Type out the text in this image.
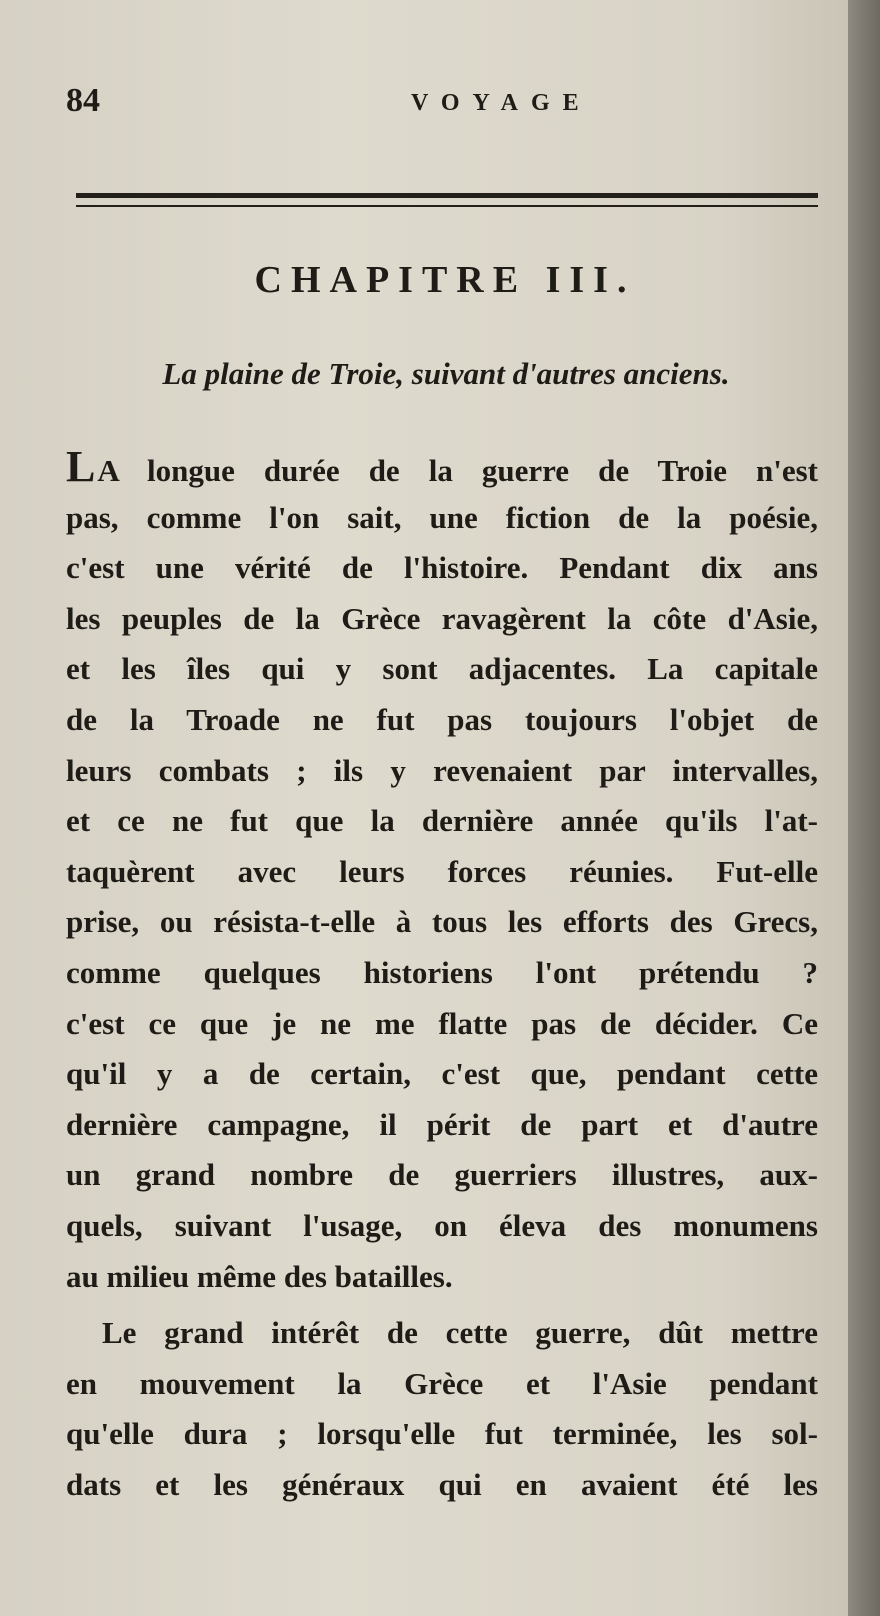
84	VOYAGE
CHAPITRE III.
La plaine de Troie, suivant d'autres anciens.
LA longue durée de la guerre de Troie n'est
pas, comme l'on sait, une fiction de la poésie,
c'est une vérité de l'histoire. Pendant dix ans
les peuples de la Grèce ravagèrent la côte d'Asie,
et les îles qui y sont adjacentes. La capitale
de la Troade ne fut pas toujours l'objet de
leurs combats ; ils y revenaient par intervalles,
et ce ne fut que la dernière année qu'ils l'at-
taquèrent avec leurs forces réunies. Fut-elle
prise, ou résista-t-elle à tous les efforts des Grecs,
comme quelques historiens l'ont prétendu ?
c'est ce que je ne me flatte pas de décider. Ce
qu'il y a de certain, c'est que, pendant cette
dernière campagne, il périt de part et d'autre
un grand nombre de guerriers illustres, aux-
quels, suivant l'usage, on éleva des monumens
au milieu même des batailles.
Le grand intérêt de cette guerre, dût mettre
en mouvement la Grèce et l'Asie pendant
qu'elle dura ; lorsqu'elle fut terminée, les sol-
dats et les généraux qui en avaient été les
